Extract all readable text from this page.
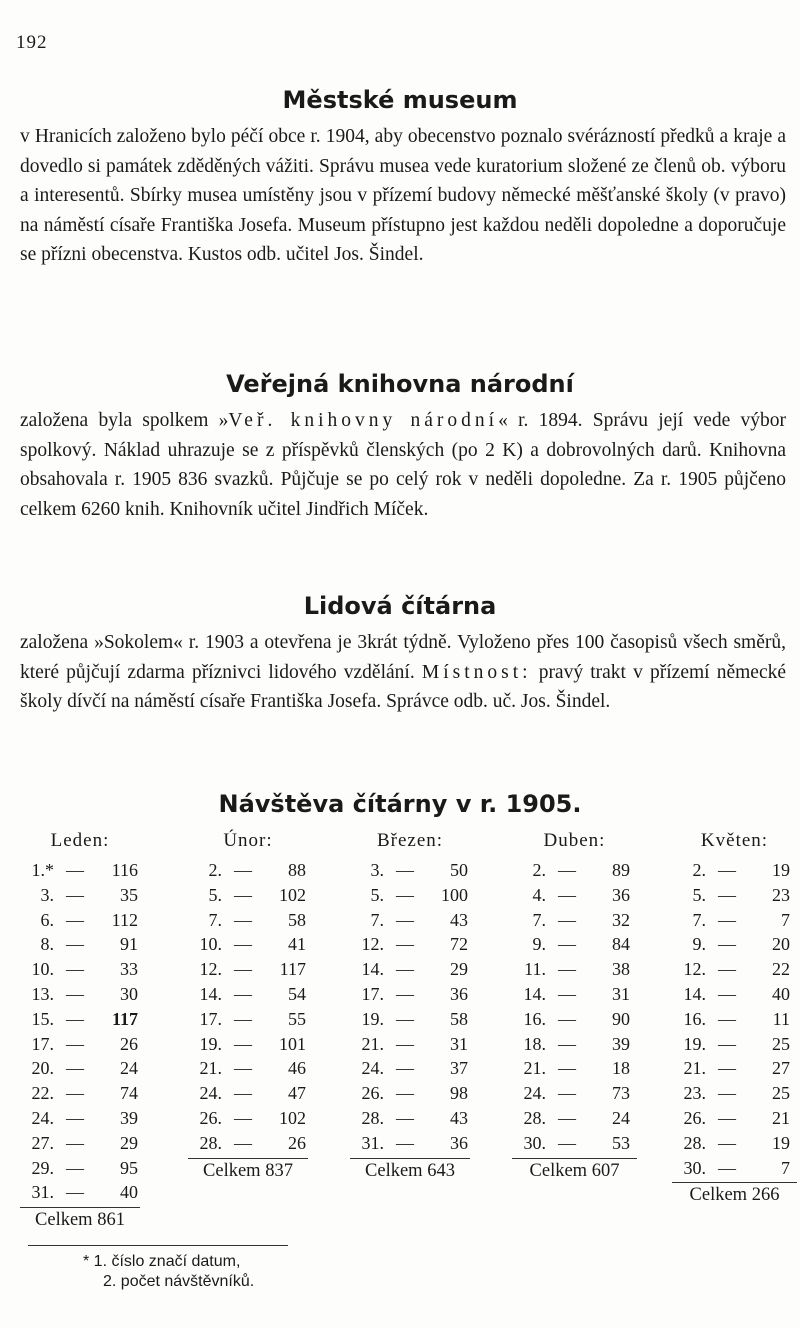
192
Městské museum

v Hranicích založeno bylo péčí obce r. 1904, aby obecenstvo poznalo svérázností předků a kraje a dovedlo si památek zděděných vážiti. Správu musea vede kuratorium složené ze členů ob. výboru a interesentů. Sbírky musea umístěny jsou v přízemí budovy německé měšťanské školy (v pravo) na náměstí císaře Františka Josefa. Museum přístupno jest každou neděli dopoledne a doporučuje se přízni obecenstva. Kustos odb. učitel Jos. Šindel.

Veřejná knihovna národní

založena byla spolkem »Veř. knihovny národní« r. 1894. Správu její vede výbor spolkový. Náklad uhrazuje se z příspěvků členských (po 2 K) a dobrovolných darů. Knihovna obsahovala r. 1905 836 svazků. Půjčuje se po celý rok v neděli dopoledne. Za r. 1905 půjčeno celkem 6260 knih. Knihovník učitel Jindřich Míček.

Lidová čítárna

založena »Sokolem« r. 1903 a otevřena je 3krát týdně. Vyloženo přes 100 časopisů všech směrů, které půjčují zdarma příznivci lidového vzdělání. Místnost: pravý trakt v přízemí německé školy dívčí na náměstí císaře Františka Josefa. Správce odb. uč. Jos. Šindel.

Návštěva čítárny v r. 1905.
Leden:
1.* —	116
3. —	35
6. —	112
8. —	91
10. —	33
13. —	30
15. —	117
17. —	26
20. —	24
22. —	74
24. —	39
27. —	29
29. —	95
31. —	40
Celkem 861
Únor:
2. —	88
5. —	102
7. —	58
10. —	41
12. —	117
14. —	54
17. —	55
19. —	101
21. —	46
24. —	47
26. —	102
28. —	26
Celkem 837
Březen:
3. —	50
5. —	100
7. —	43
12. —	72
14. —	29
17. —	36
19. —	58
21. —	31
24. —	37
26. —	98
28. —	43
31. —	36
Celkem 643
Duben:
2. —	89
4. —	36
7. —	32
9. —	84
11. —	38
14. —	31
16. —	90
18. —	39
21. —	18
24. —	73
28. —	24
30. —	53
Celkem 607
Květen:
2. —	19
5. —	23
7. —	7
9. —	20
12. —	22
14. —	40
16. —	11
19. —	25
21. —	27
23. —	25
26. —	21
28. —	19
30. —	7
Celkem 266
* 1. číslo značí datum,
2. počet návštěvníků.
